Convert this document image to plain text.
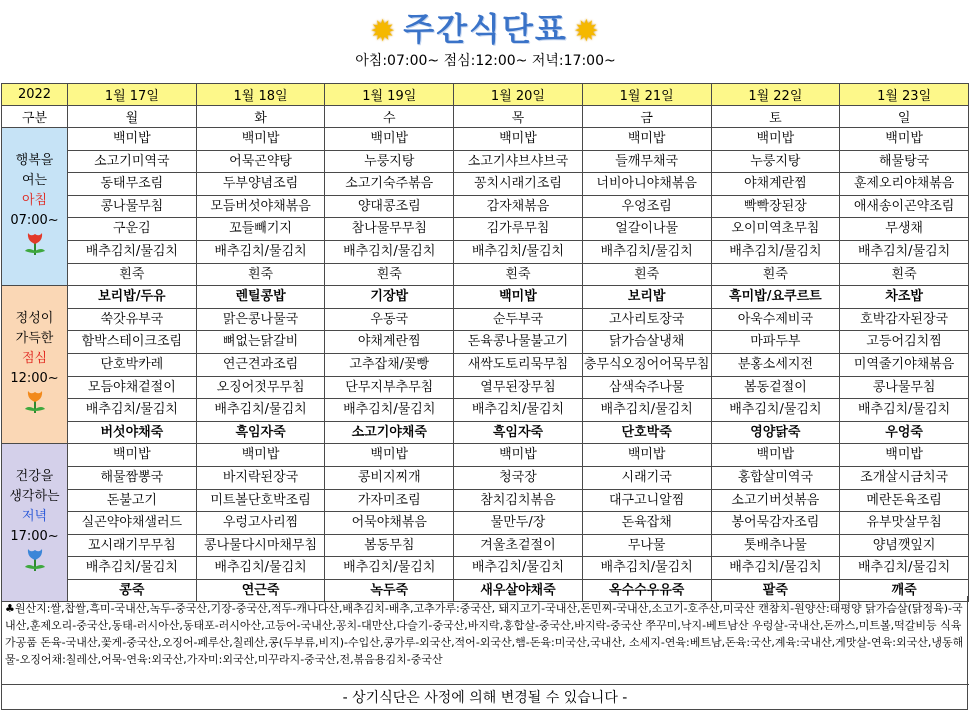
✹ 주간식단표 ✹
아침:07:00~ 점심:12:00~ 저녁:17:00~
2022	1월 17일	1월 18일	1월 19일	1월 20일	1월 21일	1월 22일	1월 23일
구분	월	화	수	목	금	토	일

행복을
여는
아침
07:00~	백미밥	백미밥	백미밥	백미밥	백미밥	백미밥	백미밥
	소고기미역국	어묵곤약탕	누룽지탕	소고기샤브샤브국	들깨무채국	누룽지탕	해물탕국
	동태무조림	두부양념조림	소고기숙주볶음	꽁치시래기조림	너비아니야채볶음	야채계란찜	훈제오리야채볶음
	콩나물무침	모듬버섯야채볶음	양대콩조림	감자채볶음	우엉조림	빡빡장된장	애새송이곤약조림
	구운김	꼬들빼기지	참나물무무침	김가루무침	얼갈이나물	오이미역초무침	무생채
	배추김치/물김치	배추김치/물김치	배추김치/물김치	배추김치/물김치	배추김치/물김치	배추김치/물김치	배추김치/물김치
	흰죽	흰죽	흰죽	흰죽	흰죽	흰죽	흰죽

정성이
가득한
점심
12:00~	보리밥/두유	렌틸콩밥	기장밥	백미밥	보리밥	흑미밥/요쿠르트	차조밥
	쑥갓유부국	맑은콩나물국	우동국	순두부국	고사리토장국	아욱수제비국	호박감자된장국
	함박스테이크조림	뼈없는닭갈비	야채계란찜	돈육콩나물불고기	닭가슴살냉채	마파두부	고등어김치찜
	단호박카레	연근견과조림	고추잡채/꽃빵	새싹도토리묵무침	충무식오징어어묵무침	분홍소세지전	미역줄기야채볶음
	모듬야채겉절이	오징어젓무무침	단무지부추무침	열무된장무침	삼색숙주나물	봄동겉절이	콩나물무침
	배추김치/물김치	배추김치/물김치	배추김치/물김치	배추김치/물김치	배추김치/물김치	배추김치/물김치	배추김치/물김치
	버섯야채죽	흑임자죽	소고기야채죽	흑임자죽	단호박죽	영양닭죽	우엉죽

건강을
생각하는
저녁
17:00~	백미밥	백미밥	백미밥	백미밥	백미밥	백미밥	백미밥
	해물짬뽕국	바지락된장국	콩비지찌개	청국장	시래기국	홍합살미역국	조개살시금치국
	돈불고기	미트볼단호박조림	가자미조림	참치김치볶음	대구고니알찜	소고기버섯볶음	메란돈육조림
	실곤약야채샐러드	우렁고사리찜	어묵야채볶음	물만두/장	돈육잡채	봉어묵감자조림	유부맛살무침
	꼬시래기무무침	콩나물다시마채무침	봄동무침	겨울초겉절이	무나물	톳배추나물	양념깻잎지
	배추김치/물김치	배추김치/물김치	배추김치/물김치	배추김치/물김치	배추김치/물김치	배추김치/물김치	배추김치/물김치
	콩죽	연근죽	녹두죽	새우살야채죽	옥수수우유죽	팥죽	깨죽
♣원산지:쌀,찹쌀,흑미-국내산,녹두-중국산,기장-중국산,적두-캐나다산,배추김치-배추,고추가루:중국산, 돼지고기-국내산,돈민찌-국내산,소고기-호주산,미국산 캔참치-원양산:태평양 닭가슴살(닭정육)-국내산,훈제오리-중국산,동태-러시아산,동태포-러시아산,고등어-국내산,꽁치-대만산,다슬기-중국산,바지락,홍합살-중국산,바지락-중국산 쭈꾸미,낙지-베트남산 우렁살-국내산,돈까스,미트볼,떡갈비등 식육가공품 돈육-국내산,꽃게-중국산,오징어-페루산,칠레산,콩(두부류,비지)-수입산,콩가루-외국산,적어-외국산,햄-돈육:미국산,국내산, 소세지-연육:베트남,돈육:국산,계육:국내산,게맛살-연육:외국산,냉동해물-오징어채:칠레산,어묵-연육:외국산,가자미:외국산,미꾸라지-중국산,전,볶음용김치-중국산
- 상기식단은 사정에 의해 변경될 수 있습니다 -
